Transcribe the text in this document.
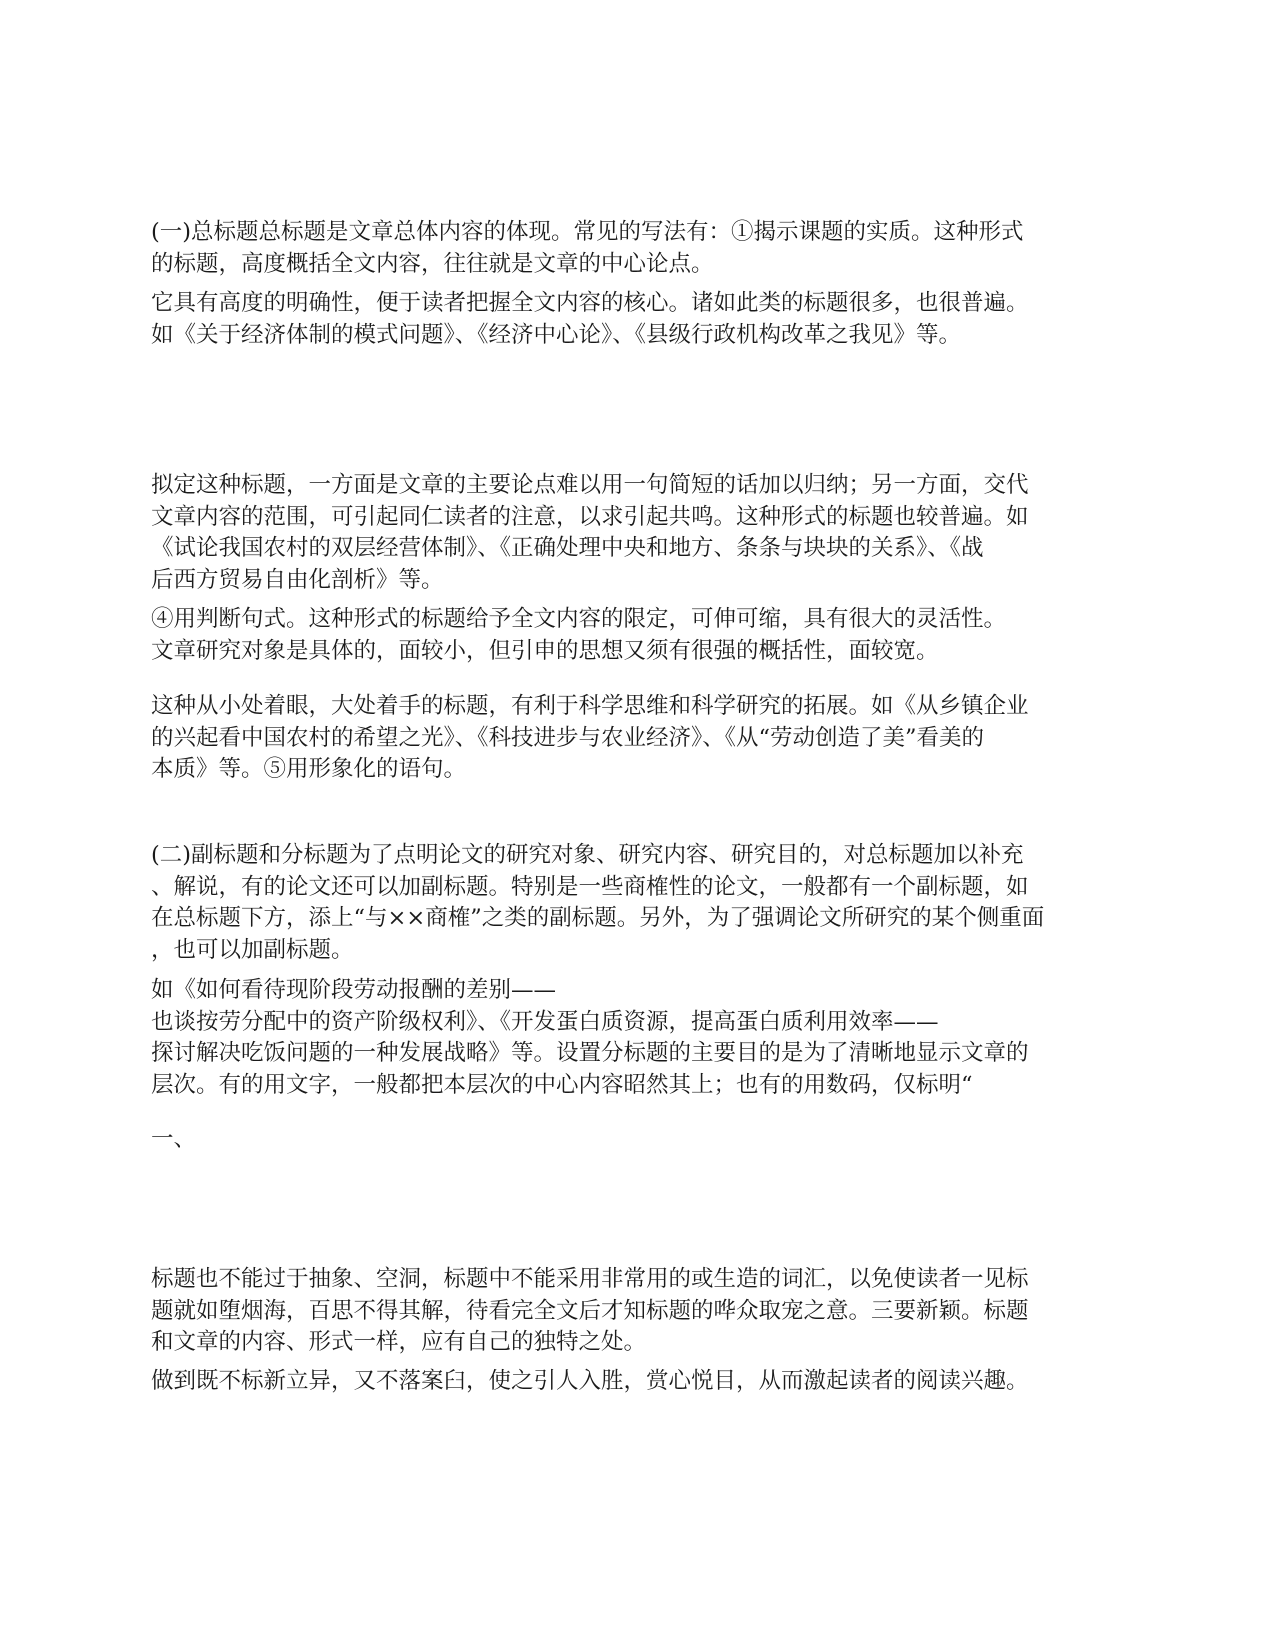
(一)总标题总标题是文章总体内容的体现。常见的写法有：①揭示课题的实质。这种形式
的标题，高度概括全文内容，往往就是文章的中心论点。

它具有高度的明确性，便于读者把握全文内容的核心。诸如此类的标题很多，也很普遍。
如《关于经济体制的模式问题》、《经济中心论》、《县级行政机构改革之我见》等。

拟定这种标题，一方面是文章的主要论点难以用一句简短的话加以归纳；另一方面，交代
文章内容的范围，可引起同仁读者的注意，以求引起共鸣。这种形式的标题也较普遍。如
《试论我国农村的双层经营体制》、《正确处理中央和地方、条条与块块的关系》、《战
后西方贸易自由化剖析》等。

④用判断句式。这种形式的标题给予全文内容的限定，可伸可缩，具有很大的灵活性。
文章研究对象是具体的，面较小，但引申的思想又须有很强的概括性，面较宽。

这种从小处着眼，大处着手的标题，有利于科学思维和科学研究的拓展。如《从乡镇企业
的兴起看中国农村的希望之光》、《科技进步与农业经济》、《从“劳动创造了美”看美的
本质》等。⑤用形象化的语句。

(二)副标题和分标题为了点明论文的研究对象、研究内容、研究目的，对总标题加以补充
、解说，有的论文还可以加副标题。特别是一些商榷性的论文，一般都有一个副标题，如
在总标题下方，添上“与××商榷”之类的副标题。另外，为了强调论文所研究的某个侧重面
，也可以加副标题。

如《如何看待现阶段劳动报酬的差别——
也谈按劳分配中的资产阶级权利》、《开发蛋白质资源，提高蛋白质利用效率——
探讨解决吃饭问题的一种发展战略》等。设置分标题的主要目的是为了清晰地显示文章的
层次。有的用文字，一般都把本层次的中心内容昭然其上；也有的用数码，仅标明“

一、

标题也不能过于抽象、空洞，标题中不能采用非常用的或生造的词汇，以免使读者一见标
题就如堕烟海，百思不得其解，待看完全文后才知标题的哗众取宠之意。三要新颖。标题
和文章的内容、形式一样，应有自己的独特之处。

做到既不标新立异，又不落案臼，使之引人入胜，赏心悦目，从而激起读者的阅读兴趣。
